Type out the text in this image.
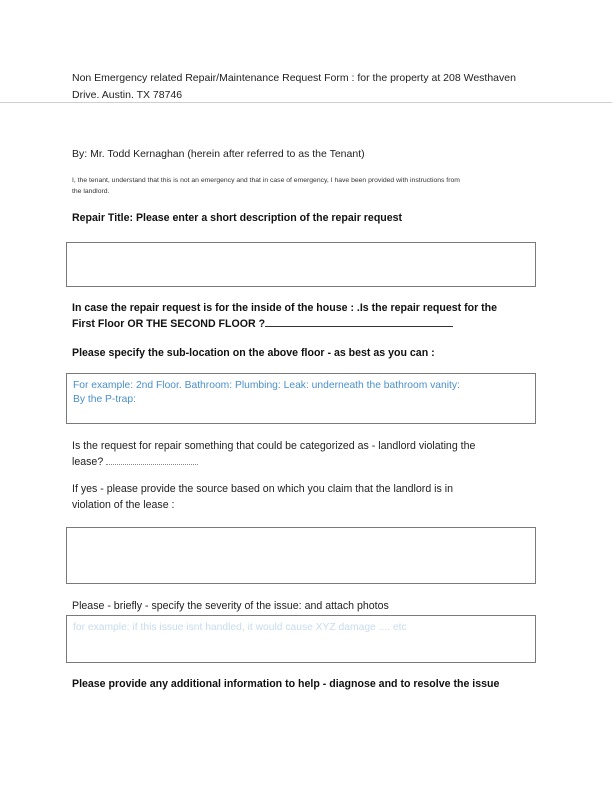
Non Emergency related Repair/Maintenance Request Form : for the property at 208 Westhaven
Drive. Austin. TX 78746
By: Mr. Todd Kernaghan (herein after referred to as the Tenant)
I, the tenant, understand that this is not an emergency and that in case of emergency, I have been provided with instructions from
the landlord.
Repair Title: Please enter a short description of the repair request
In case the repair request is for the inside of the house : .Is the repair request for the
First Floor OR THE SECOND FLOOR ?
Please specify the sub-location on the above floor - as best as you can :
For example: 2nd Floor. Bathroom: Plumbing: Leak: underneath the bathroom vanity:
By the P-trap:
Is the request for repair something that could be categorized as - landlord violating the
lease?
If yes - please provide the source based on which you claim that the landlord is in
violation of the lease :
Please - briefly - specify the severity of the issue: and attach photos
for example: if this issue isnt handled, it would cause XYZ damage .... etc
Please provide any additional information to help - diagnose and to resolve the issue
